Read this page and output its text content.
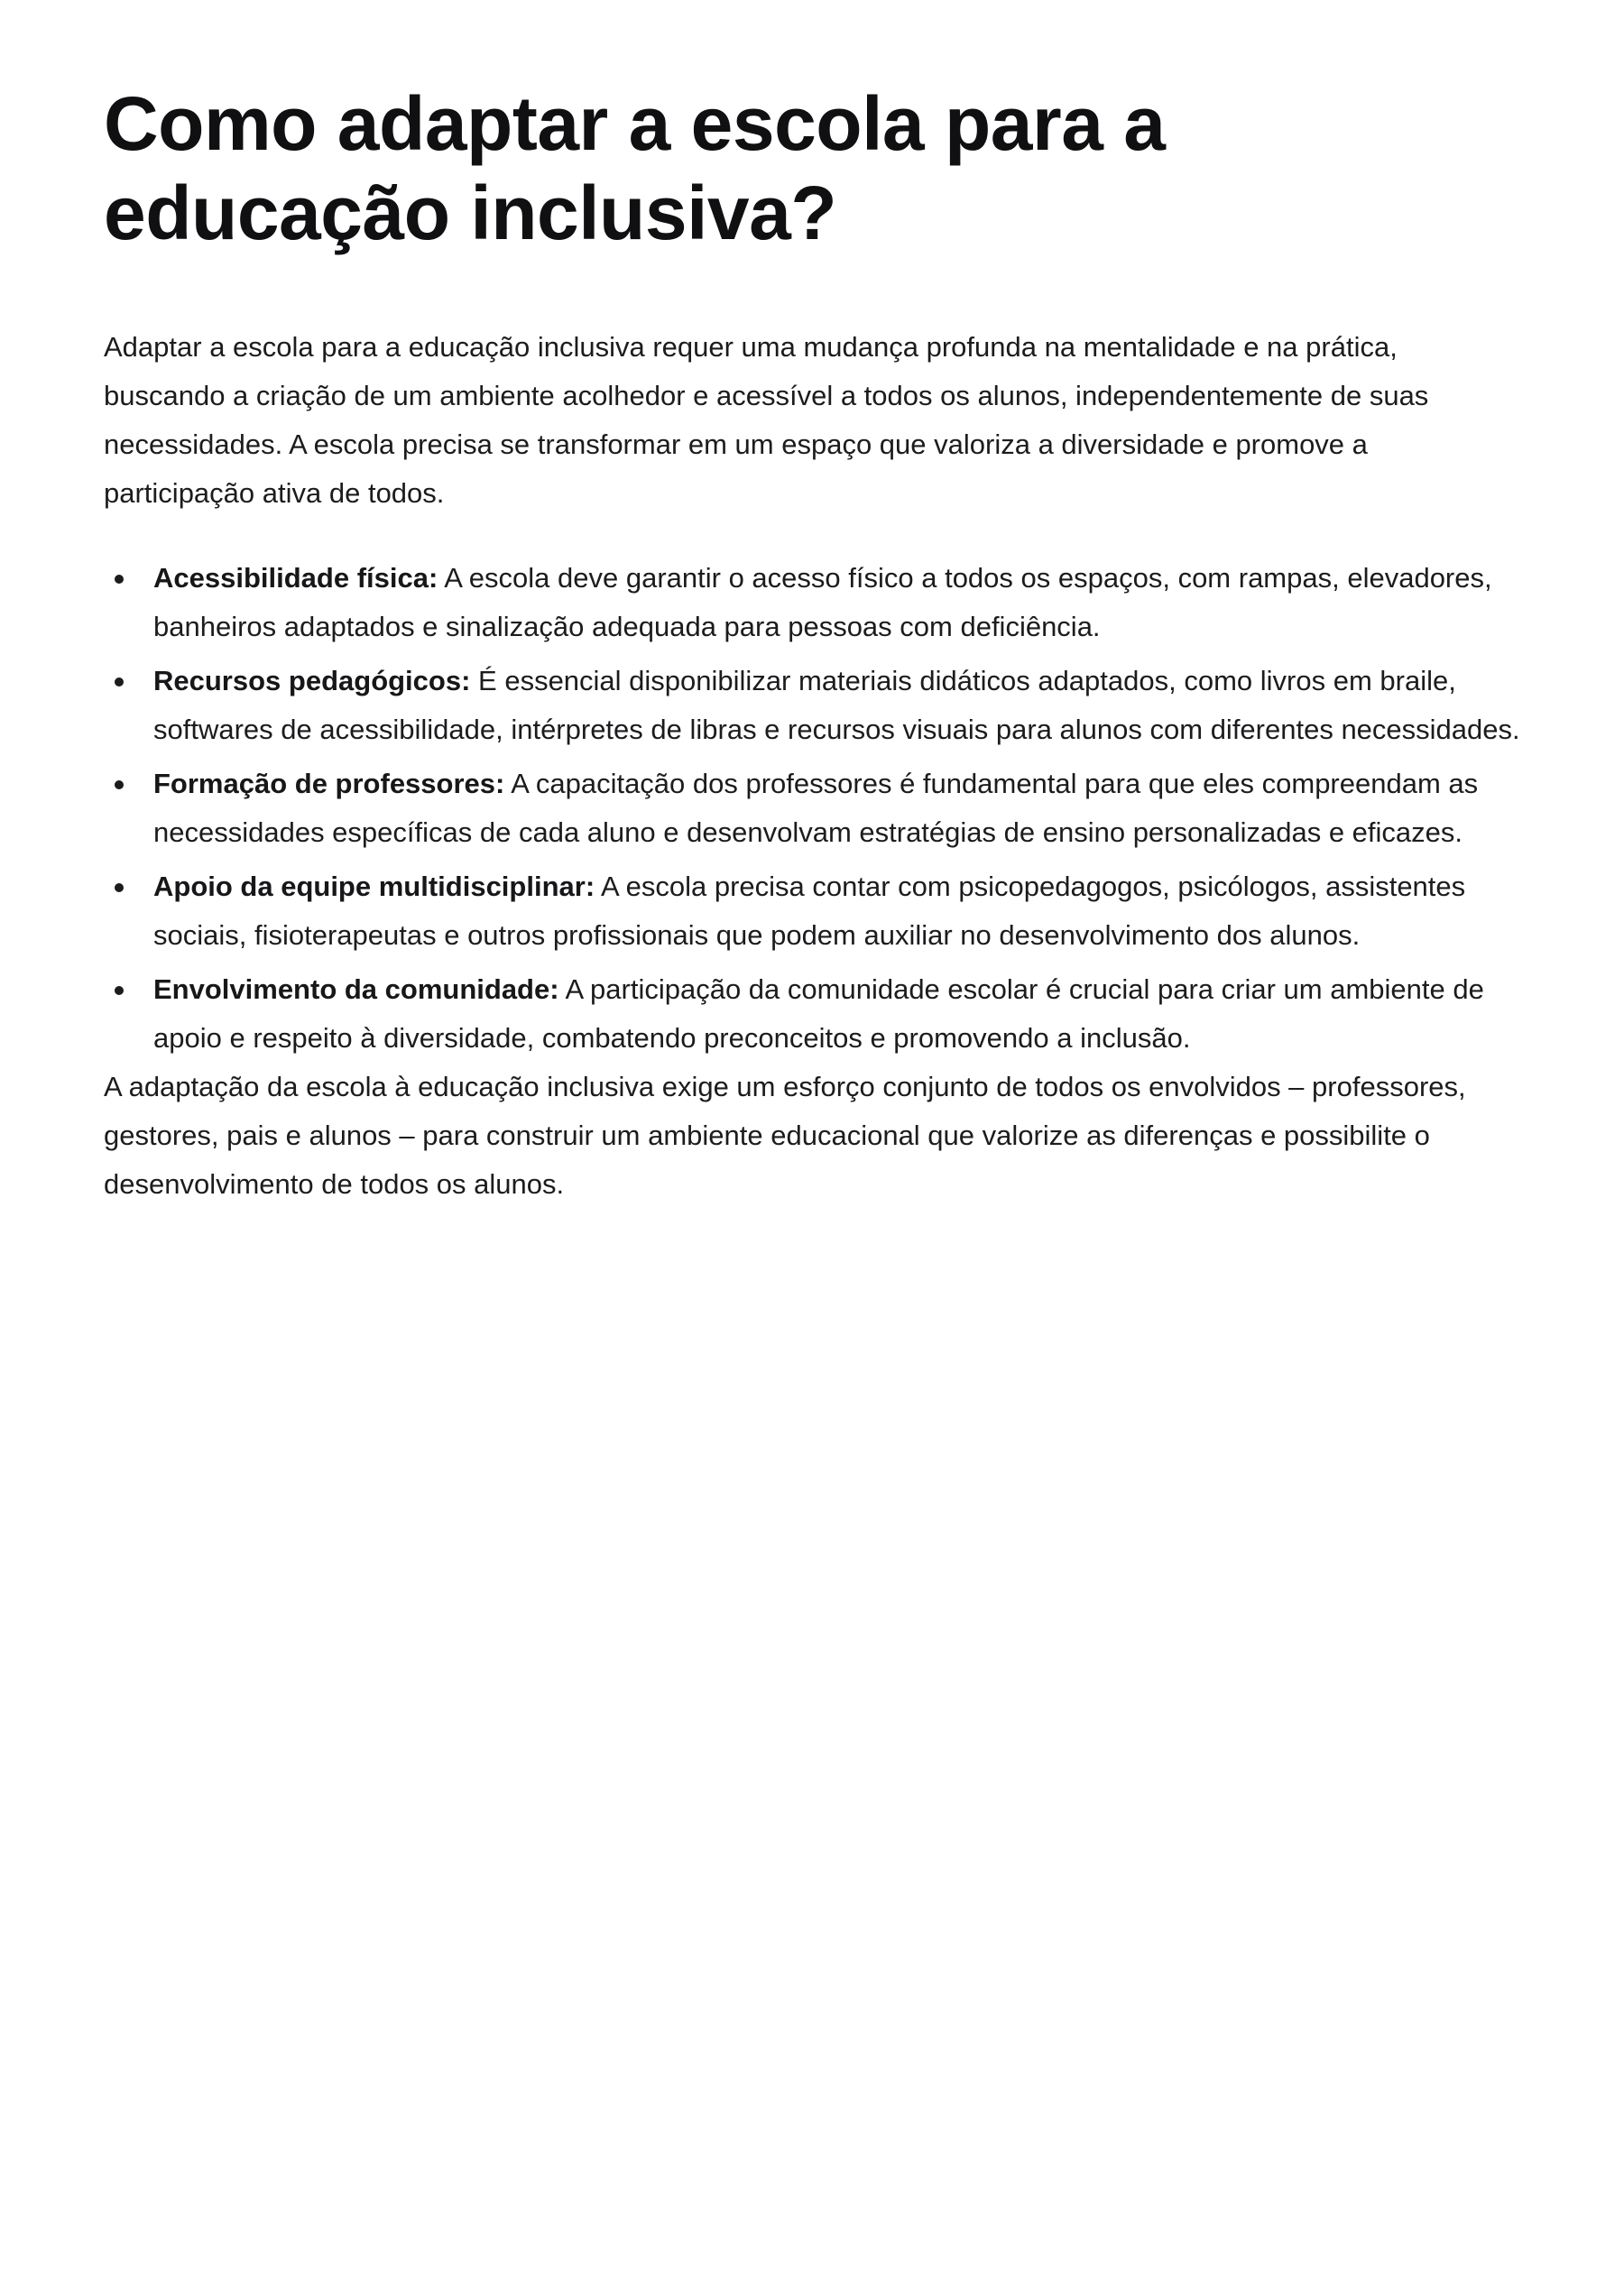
Como adaptar a escola para a educação inclusiva?

Adaptar a escola para a educação inclusiva requer uma mudança profunda na mentalidade e na prática, buscando a criação de um ambiente acolhedor e acessível a todos os alunos, independentemente de suas necessidades. A escola precisa se transformar em um espaço que valoriza a diversidade e promove a participação ativa de todos.

Acessibilidade física: A escola deve garantir o acesso físico a todos os espaços, com rampas, elevadores, banheiros adaptados e sinalização adequada para pessoas com deficiência.
Recursos pedagógicos: É essencial disponibilizar materiais didáticos adaptados, como livros em braile, softwares de acessibilidade, intérpretes de libras e recursos visuais para alunos com diferentes necessidades.
Formação de professores: A capacitação dos professores é fundamental para que eles compreendam as necessidades específicas de cada aluno e desenvolvam estratégias de ensino personalizadas e eficazes.
Apoio da equipe multidisciplinar: A escola precisa contar com psicopedagogos, psicólogos, assistentes sociais, fisioterapeutas e outros profissionais que podem auxiliar no desenvolvimento dos alunos.
Envolvimento da comunidade: A participação da comunidade escolar é crucial para criar um ambiente de apoio e respeito à diversidade, combatendo preconceitos e promovendo a inclusão.

A adaptação da escola à educação inclusiva exige um esforço conjunto de todos os envolvidos – professores, gestores, pais e alunos – para construir um ambiente educacional que valorize as diferenças e possibilite o desenvolvimento de todos os alunos.
